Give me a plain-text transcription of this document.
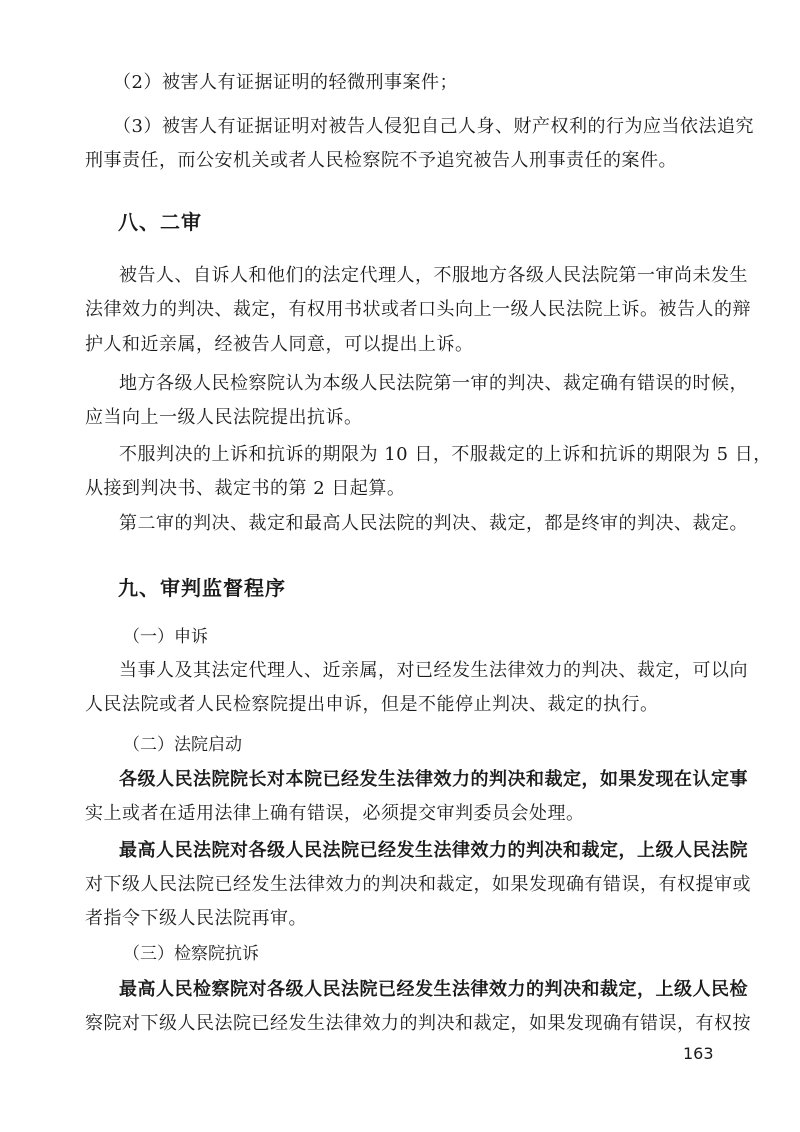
（2）被害人有证据证明的轻微刑事案件；
（3）被害人有证据证明对被告人侵犯自己人身、财产权利的行为应当依法追究
刑事责任，而公安机关或者人民检察院不予追究被告人刑事责任的案件。
八、二审
被告人、自诉人和他们的法定代理人，不服地方各级人民法院第一审尚未发生
法律效力的判决、裁定，有权用书状或者口头向上一级人民法院上诉。被告人的辩
护人和近亲属，经被告人同意，可以提出上诉。
地方各级人民检察院认为本级人民法院第一审的判决、裁定确有错误的时候，
应当向上一级人民法院提出抗诉。
不服判决的上诉和抗诉的期限为 10 日，不服裁定的上诉和抗诉的期限为 5 日，
从接到判决书、裁定书的第 2 日起算。
第二审的判决、裁定和最高人民法院的判决、裁定，都是终审的判决、裁定。
九、审判监督程序
（一）申诉
当事人及其法定代理人、近亲属，对已经发生法律效力的判决、裁定，可以向
人民法院或者人民检察院提出申诉，但是不能停止判决、裁定的执行。
（二）法院启动
各级人民法院院长对本院已经发生法律效力的判决和裁定，如果发现在认定事
实上或者在适用法律上确有错误，必须提交审判委员会处理。
最高人民法院对各级人民法院已经发生法律效力的判决和裁定，上级人民法院
对下级人民法院已经发生法律效力的判决和裁定，如果发现确有错误，有权提审或
者指令下级人民法院再审。
（三）检察院抗诉
最高人民检察院对各级人民法院已经发生法律效力的判决和裁定，上级人民检
察院对下级人民法院已经发生法律效力的判决和裁定，如果发现确有错误，有权按
163
